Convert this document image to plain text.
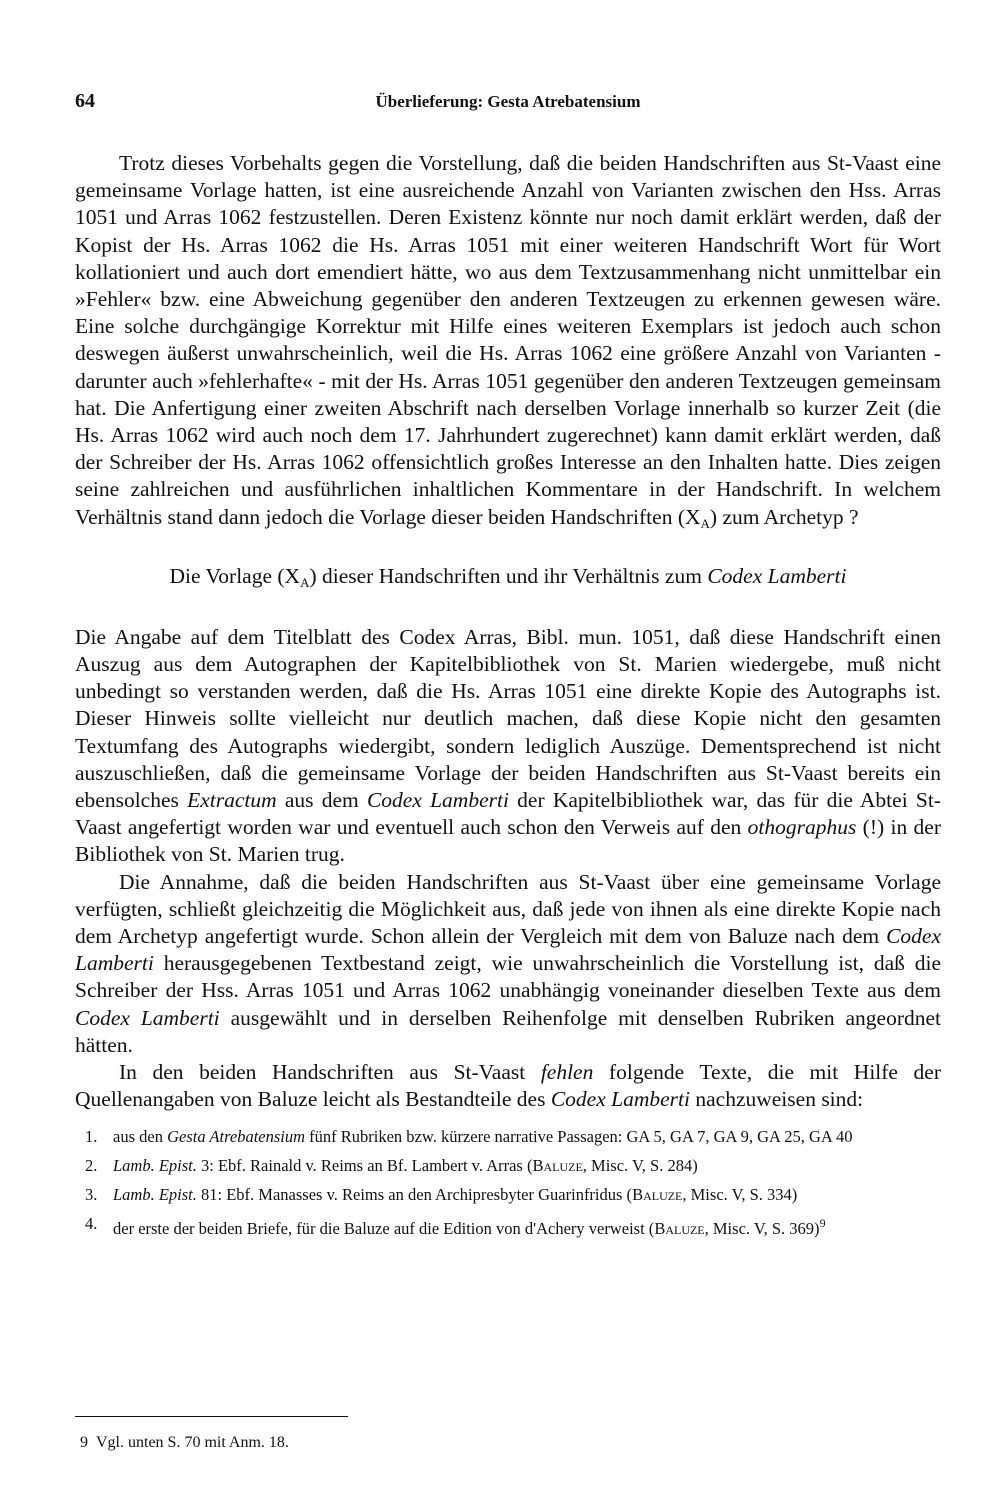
64	Überlieferung: Gesta Atrebatensium

Trotz dieses Vorbehalts gegen die Vorstellung, daß die beiden Handschriften aus St-Vaast eine gemeinsame Vorlage hatten, ist eine ausreichende Anzahl von Varianten zwischen den Hss. Arras 1051 und Arras 1062 festzustellen. Deren Existenz könnte nur noch damit erklärt werden, daß der Kopist der Hs. Arras 1062 die Hs. Arras 1051 mit einer weiteren Handschrift Wort für Wort kollationiert und auch dort emendiert hätte, wo aus dem Textzusammenhang nicht unmittelbar ein »Fehler« bzw. eine Abweichung gegenüber den anderen Textzeugen zu erkennen gewesen wäre. Eine solche durchgängige Korrektur mit Hilfe eines weiteren Exemplars ist jedoch auch schon deswegen äußerst unwahrscheinlich, weil die Hs. Arras 1062 eine größere Anzahl von Varianten - darunter auch »fehlerhafte« - mit der Hs. Arras 1051 gegenüber den anderen Textzeugen gemeinsam hat. Die Anfertigung einer zweiten Abschrift nach derselben Vorlage innerhalb so kurzer Zeit (die Hs. Arras 1062 wird auch noch dem 17. Jahrhundert zugerechnet) kann damit erklärt werden, daß der Schreiber der Hs. Arras 1062 offensichtlich großes Interesse an den Inhalten hatte. Dies zeigen seine zahlreichen und ausführlichen inhaltlichen Kommentare in der Handschrift. In welchem Verhältnis stand dann jedoch die Vorlage dieser beiden Handschriften $(X_A)$ zum Archetyp ?

Die Vorlage $(X_A)$ dieser Handschriften und ihr Verhältnis zum Codex Lamberti

Die Angabe auf dem Titelblatt des Codex Arras, Bibl. mun. 1051, daß diese Handschrift einen Auszug aus dem Autographen der Kapitelbibliothek von St. Marien wiedergebe, muß nicht unbedingt so verstanden werden, daß die Hs. Arras 1051 eine direkte Kopie des Autographs ist. Dieser Hinweis sollte vielleicht nur deutlich machen, daß diese Kopie nicht den gesamten Textumfang des Autographs wiedergibt, sondern lediglich Auszüge. Dementsprechend ist nicht auszuschließen, daß die gemeinsame Vorlage der beiden Handschriften aus St-Vaast bereits ein ebensolches Extractum aus dem Codex Lamberti der Kapitelbibliothek war, das für die Abtei St-Vaast angefertigt worden war und eventuell auch schon den Verweis auf den othographus (!) in der Bibliothek von St. Marien trug.

Die Annahme, daß die beiden Handschriften aus St-Vaast über eine gemeinsame Vorlage verfügten, schließt gleichzeitig die Möglichkeit aus, daß jede von ihnen als eine direkte Kopie nach dem Archetyp angefertigt wurde. Schon allein der Vergleich mit dem von Baluze nach dem Codex Lamberti herausgegebenen Textbestand zeigt, wie unwahrscheinlich die Vorstellung ist, daß die Schreiber der Hss. Arras 1051 und Arras 1062 unabhängig voneinander dieselben Texte aus dem Codex Lamberti ausgewählt und in derselben Reihenfolge mit denselben Rubriken angeordnet hätten.

In den beiden Handschriften aus St-Vaast fehlen folgende Texte, die mit Hilfe der Quellenangaben von Baluze leicht als Bestandteile des Codex Lamberti nachzuweisen sind:

1. aus den Gesta Atrebatensium fünf Rubriken bzw. kürzere narrative Passagen: GA 5, GA 7, GA 9, GA 25, GA 40
2. Lamb. Epist. 3: Ebf. Rainald v. Reims an Bf. Lambert v. Arras (Baluze, Misc. V, S. 284)
3. Lamb. Epist. 81: Ebf. Manasses v. Reims an den Archipresbyter Guarinfridus (Baluze, Misc. V, S. 334)
4. der erste der beiden Briefe, für die Baluze auf die Edition von d'Achery verweist (Baluze, Misc. V, S. 369)$^9$
9 Vgl. unten S. 70 mit Anm. 18.
